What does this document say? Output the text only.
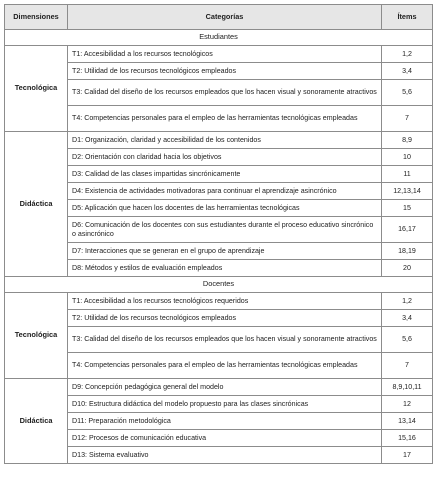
Dimensiones	Categorías	Ítems
Estudiantes		
Tecnológica	T1: Accesibilidad a los recursos tecnológicos	1,2
	T2: Utilidad de los recursos tecnológicos empleados	3,4
	T3: Calidad del diseño de los recursos empleados que los hacen visual y sonoramente atractivos	5,6
	T4: Competencias personales para el empleo de las herramientas tecnológicas empleadas	7
Didáctica	D1: Organización, claridad y accesibilidad de los contenidos	8,9
	D2: Orientación con claridad hacia los objetivos	10
	D3: Calidad de las clases impartidas sincrónicamente	11
	D4: Existencia de actividades motivadoras para continuar el aprendizaje asincrónico	12,13,14
	D5: Aplicación que hacen los docentes de las herramientas tecnológicas	15
	D6: Comunicación de los docentes con sus estudiantes durante el proceso educativo sincrónico o asincrónico	16,17
	D7: Interacciones que se generan en el grupo de aprendizaje	18,19
	D8: Métodos y estilos de evaluación empleados	20
Docentes		
Tecnológica	T1: Accesibilidad a los recursos tecnológicos requeridos	1,2
	T2: Utilidad de los recursos tecnológicos empleados	3,4
	T3: Calidad del diseño de los recursos empleados que los hacen visual y sonoramente atractivos	5,6
	T4: Competencias personales para el empleo de las herramientas tecnológicas empleadas	7
Didáctica	D9: Concepción pedagógica general del modelo	8,9,10,11
	D10: Estructura didáctica del modelo propuesto para las clases sincrónicas	12
	D11: Preparación metodológica	13,14
	D12: Procesos de comunicación educativa	15,16
	D13: Sistema evaluativo	17
